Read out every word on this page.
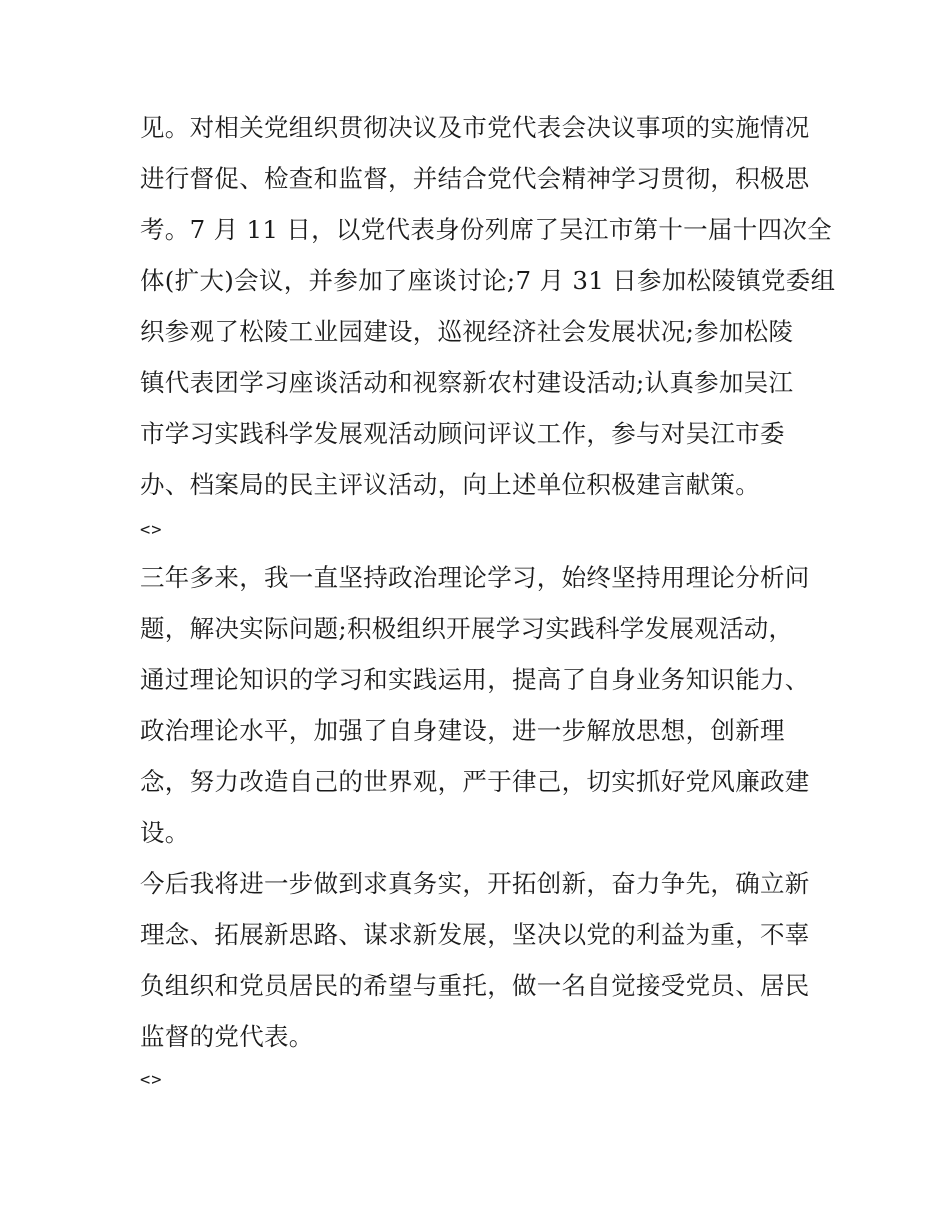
见。对相关党组织贯彻决议及市党代表会决议事项的实施情况
进行督促、检查和监督，并结合党代会精神学习贯彻，积极思
考。7 月 11 日，以党代表身份列席了吴江市第十一届十四次全
体(扩大)会议，并参加了座谈讨论;7 月 31 日参加松陵镇党委组
织参观了松陵工业园建设，巡视经济社会发展状况;参加松陵
镇代表团学习座谈活动和视察新农村建设活动;认真参加吴江
市学习实践科学发展观活动顾问评议工作，参与对吴江市委
办、档案局的民主评议活动，向上述单位积极建言献策。
<>
三年多来，我一直坚持政治理论学习，始终坚持用理论分析问
题，解决实际问题;积极组织开展学习实践科学发展观活动，
通过理论知识的学习和实践运用，提高了自身业务知识能力、
政治理论水平，加强了自身建设，进一步解放思想，创新理
念，努力改造自己的世界观，严于律己，切实抓好党风廉政建
设。
今后我将进一步做到求真务实，开拓创新，奋力争先，确立新
理念、拓展新思路、谋求新发展，坚决以党的利益为重，不辜
负组织和党员居民的希望与重托，做一名自觉接受党员、居民
监督的党代表。
<>
